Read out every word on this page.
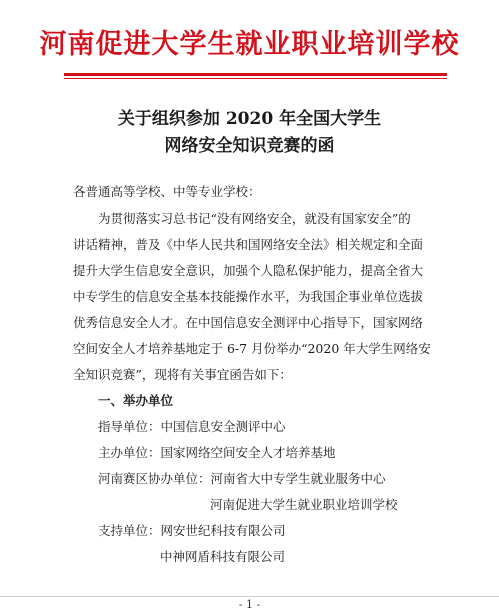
河南促进大学生就业职业培训学校
关于组织参加 2020 年全国大学生
网络安全知识竞赛的函
各普通高等学校、中等专业学校：
为贯彻落实习总书记“没有网络安全，就没有国家安全”的
讲话精神，普及《中华人民共和国网络安全法》相关规定和全面
提升大学生信息安全意识，加强个人隐私保护能力，提高全省大
中专学生的信息安全基本技能操作水平，为我国企事业单位选拔
优秀信息安全人才。在中国信息安全测评中心指导下，国家网络
空间安全人才培养基地定于 6-7 月份举办“2020 年大学生网络安
全知识竞赛”，现将有关事宜函告如下：
一、举办单位
指导单位：中国信息安全测评中心
主办单位：国家网络空间安全人才培养基地
河南赛区协办单位：河南省大中专学生就业服务中心
河南促进大学生就业职业培训学校
支持单位：网安世纪科技有限公司
中神网盾科技有限公司
- 1 -
